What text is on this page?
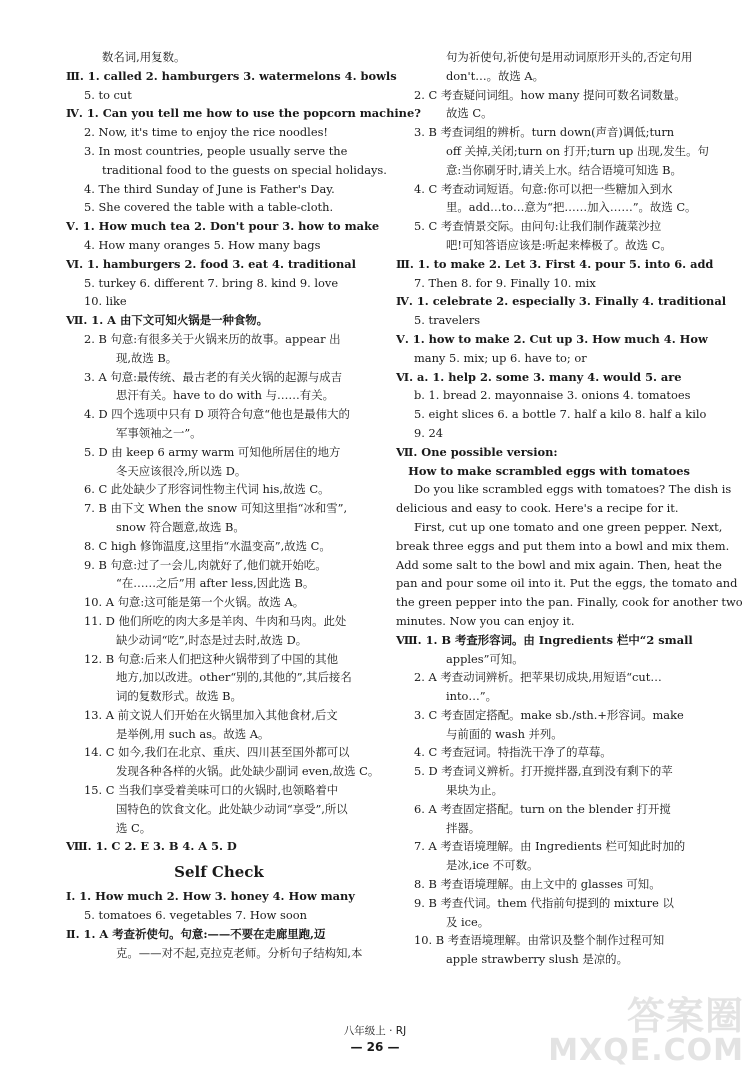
数名词,用复数。
Ⅲ. 1. called 2. hamburgers 3. watermelons 4. bowls
5. to cut
Ⅳ. 1. Can you tell me how to use the popcorn machine?
2. Now, it's time to enjoy the rice noodles!
3. In most countries, people usually serve the
traditional food to the guests on special holidays.
4. The third Sunday of June is Father's Day.
5. She covered the table with a table-cloth.
Ⅴ. 1. How much tea 2. Don't pour 3. how to make
4. How many oranges 5. How many bags
Ⅵ. 1. hamburgers 2. food 3. eat 4. traditional
5. turkey 6. different 7. bring 8. kind 9. love
10. like
Ⅶ. 1. A 由下文可知火锅是一种食物。
2. B 句意:有很多关于火锅来历的故事。appear 出
现,故选 B。
3. A 句意:最传统、最古老的有关火锅的起源与成吉
思汗有关。have to do with 与……有关。
4. D 四个选项中只有 D 项符合句意“他也是最伟大的
军事领袖之一”。
5. D 由 keep 6 army warm 可知他所居住的地方
冬天应该很冷,所以选 D。
6. C 此处缺少了形容词性物主代词 his,故选 C。
7. B 由下文 When the snow 可知这里指“冰和雪”,
snow 符合题意,故选 B。
8. C high 修饰温度,这里指“水温变高”,故选 C。
9. B 句意:过了一会儿,肉就好了,他们就开始吃。
“在……之后”用 after less,因此选 B。
10. A 句意:这可能是第一个火锅。故选 A。
11. D 他们所吃的肉大多是羊肉、牛肉和马肉。此处
缺少动词“吃”,时态是过去时,故选 D。
12. B 句意:后来人们把这种火锅带到了中国的其他
地方,加以改进。other“别的,其他的”,其后接名
词的复数形式。故选 B。
13. A 前文说人们开始在火锅里加入其他食材,后文
是举例,用 such as。故选 A。
14. C 如今,我们在北京、重庆、四川甚至国外都可以
发现各种各样的火锅。此处缺少副词 even,故选 C。
15. C 当我们享受着美味可口的火锅时,也领略着中
国特色的饮食文化。此处缺少动词“享受”,所以
选 C。
Ⅷ. 1. C 2. E 3. B 4. A 5. D
Self Check
Ⅰ. 1. How much 2. How 3. honey 4. How many
5. tomatoes 6. vegetables 7. How soon
Ⅱ. 1. A 考查祈使句。句意:——不要在走廊里跑,迈
克。——对不起,克拉克老师。分析句子结构知,本
句为祈使句,祈使句是用动词原形开头的,否定句用
don't…。故选 A。
2. C 考查疑问词组。how many 提问可数名词数量。
故选 C。
3. B 考查词组的辨析。turn down(声音)调低;turn
off 关掉,关闭;turn on 打开;turn up 出现,发生。句
意:当你刷牙时,请关上水。结合语境可知选 B。
4. C 考查动词短语。句意:你可以把一些糖加入到水
里。add…to…意为“把……加入……”。故选 C。
5. C 考查情景交际。由问句:让我们制作蔬菜沙拉
吧!可知答语应该是:听起来棒极了。故选 C。
Ⅲ. 1. to make 2. Let 3. First 4. pour 5. into 6. add
7. Then 8. for 9. Finally 10. mix
Ⅳ. 1. celebrate 2. especially 3. Finally 4. traditional
5. travelers
Ⅴ. 1. how to make 2. Cut up 3. How much 4. How
many 5. mix; up 6. have to; or
Ⅵ. a. 1. help 2. some 3. many 4. would 5. are
b. 1. bread 2. mayonnaise 3. onions 4. tomatoes
5. eight slices 6. a bottle 7. half a kilo 8. half a kilo
9. 24
Ⅶ. One possible version:
How to make scrambled eggs with tomatoes
Do you like scrambled eggs with tomatoes? The dish is
delicious and easy to cook. Here's a recipe for it.
First, cut up one tomato and one green pepper. Next,
break three eggs and put them into a bowl and mix them.
Add some salt to the bowl and mix again. Then, heat the
pan and pour some oil into it. Put the eggs, the tomato and
the green pepper into the pan. Finally, cook for another two
minutes. Now you can enjoy it.
Ⅷ. 1. B 考查形容词。由 Ingredients 栏中“2 small
apples”可知。
2. A 考查动词辨析。把苹果切成块,用短语“cut…
into…”。
3. C 考查固定搭配。make sb./sth.+形容词。make
与前面的 wash 并列。
4. C 考查冠词。特指洗干净了的草莓。
5. D 考查词义辨析。打开搅拌器,直到没有剩下的苹
果块为止。
6. A 考查固定搭配。turn on the blender 打开搅
拌器。
7. A 考查语境理解。由 Ingredients 栏可知此时加的
是冰,ice 不可数。
8. B 考查语境理解。由上文中的 glasses 可知。
9. B 考查代词。them 代指前句提到的 mixture 以
及 ice。
10. B 考查语境理解。由常识及整个制作过程可知
apple strawberry slush 是凉的。
答案圈
MXQE.COM
八年级上 · RJ
— 26 —
